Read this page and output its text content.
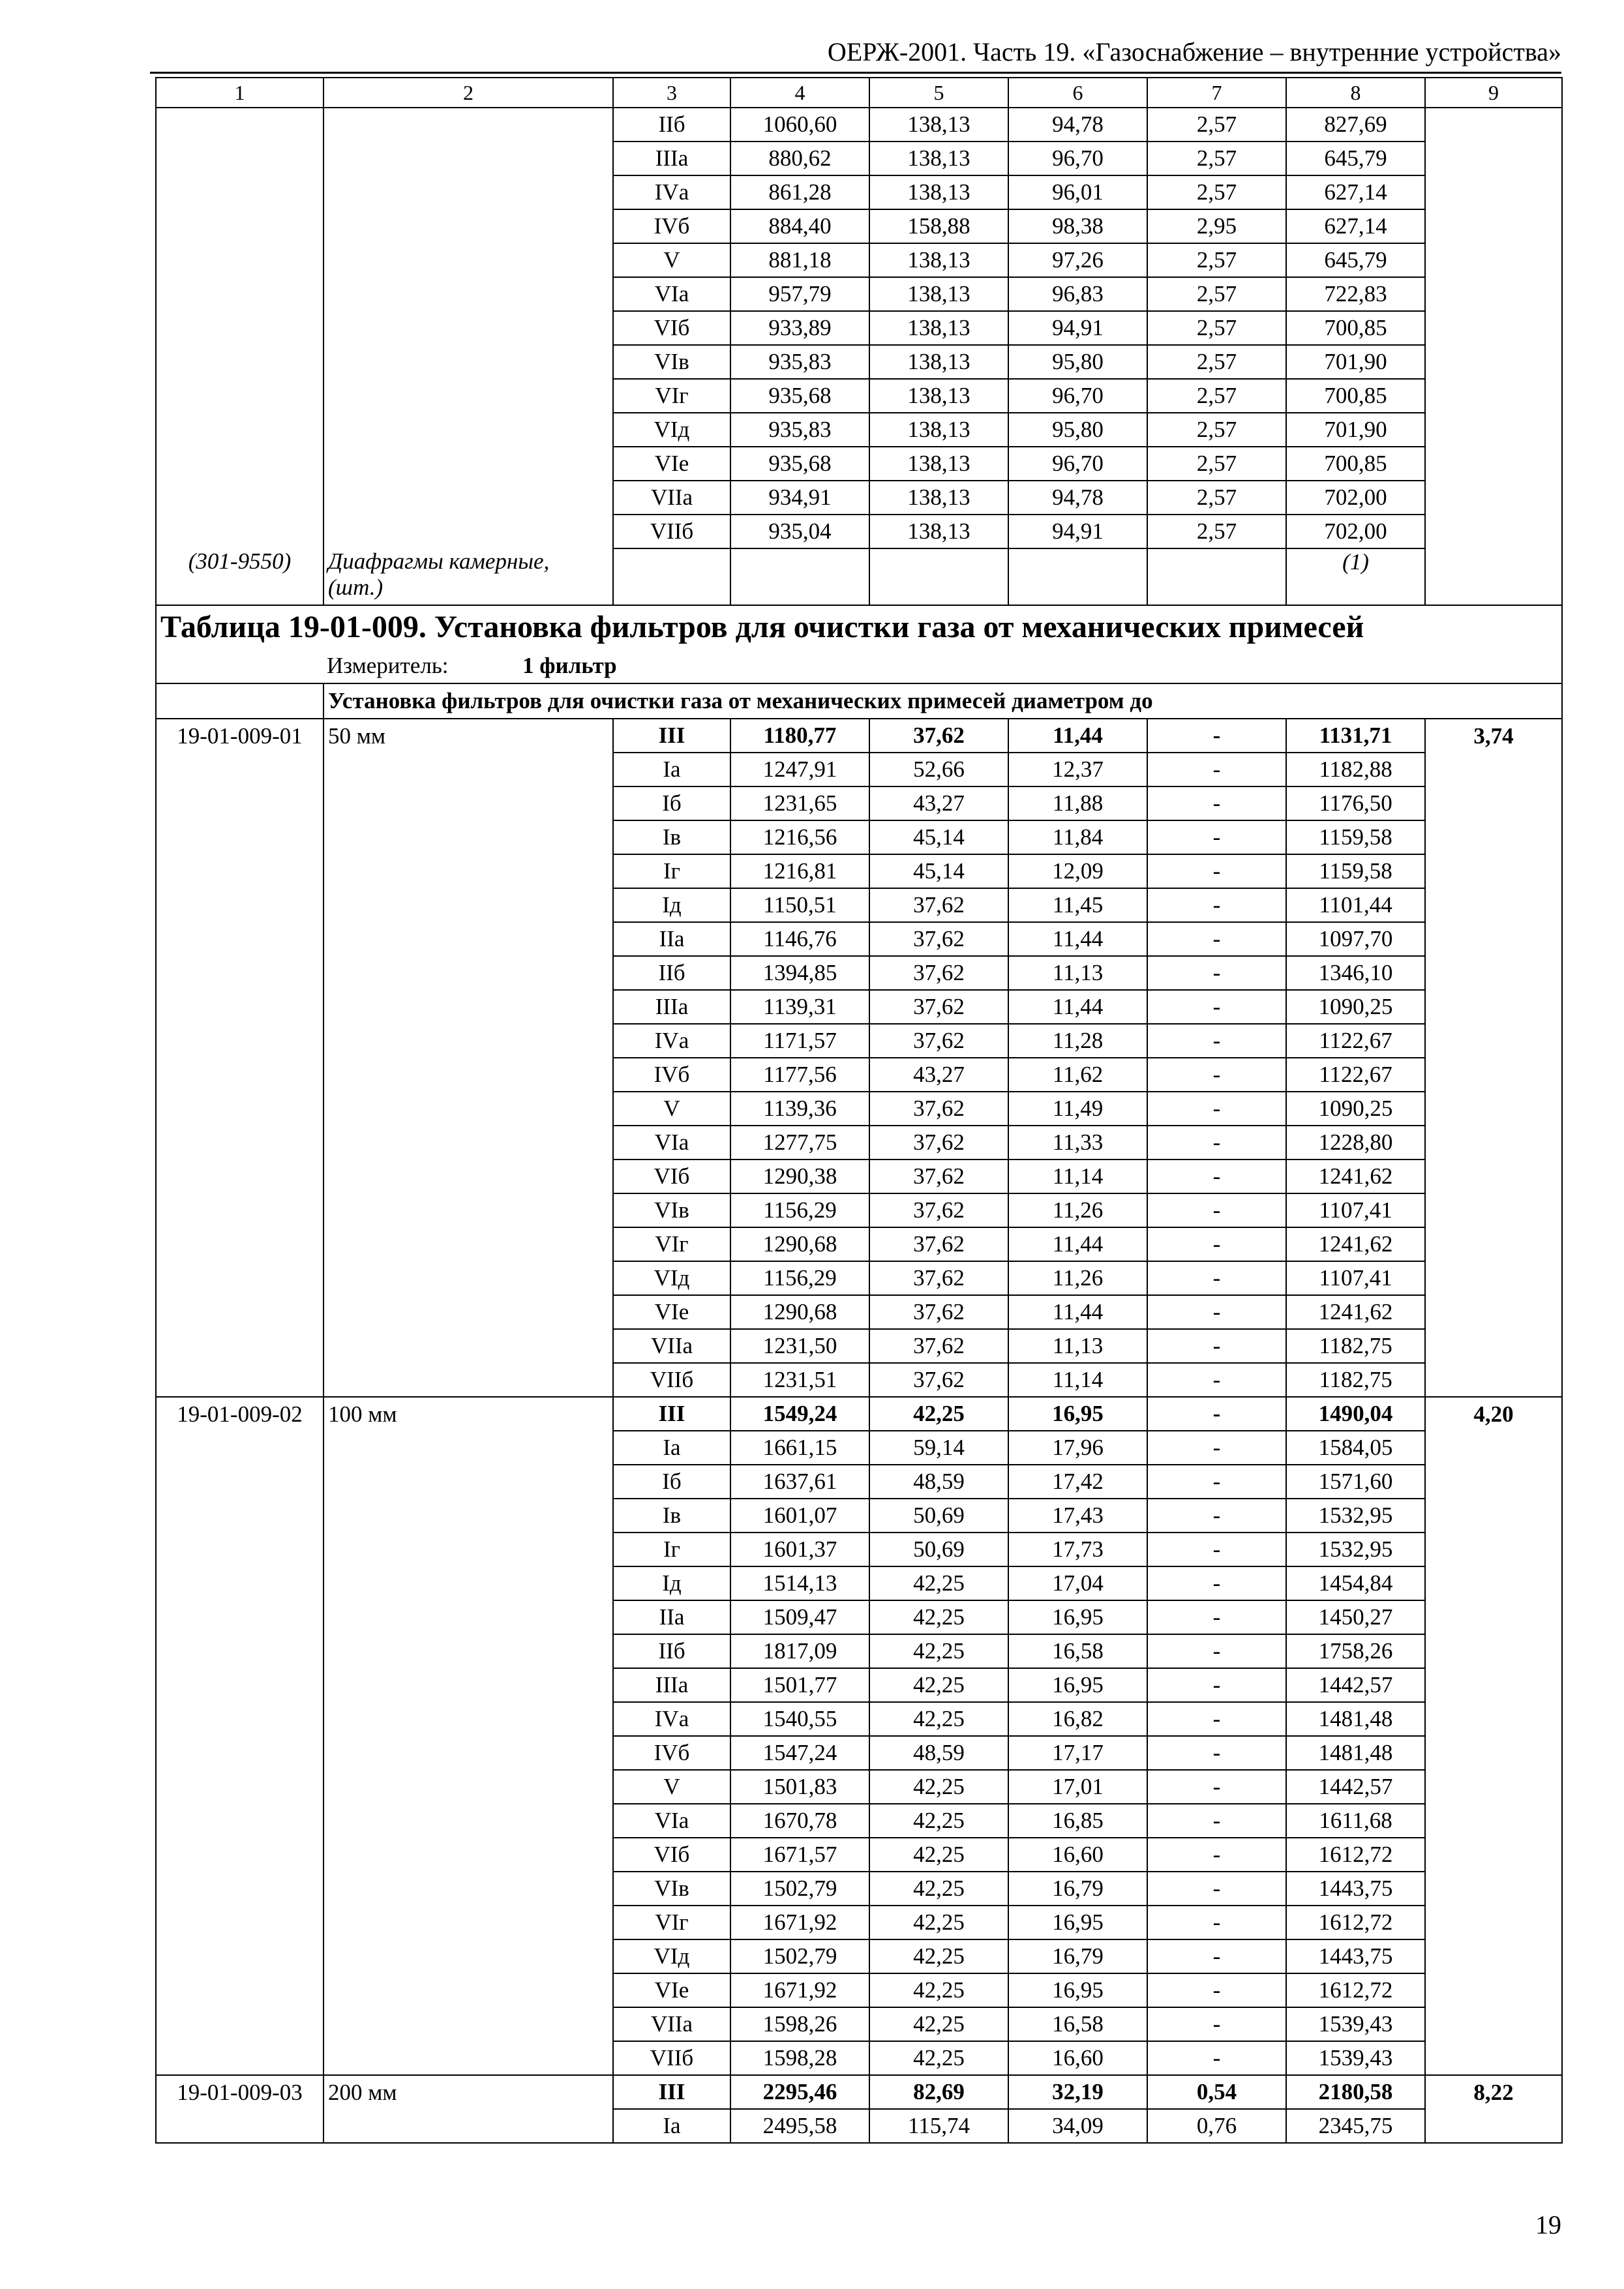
ОЕРЖ-2001. Часть 19. «Газоснабжение – внутренние устройства»
1	2	3	4	5	6	7	8	9
		IIб	1060,60	138,13	94,78	2,57	827,69	
		IIIа	880,62	138,13	96,70	2,57	645,79	
		IVа	861,28	138,13	96,01	2,57	627,14	
		IVб	884,40	158,88	98,38	2,95	627,14	
		V	881,18	138,13	97,26	2,57	645,79	
		VIа	957,79	138,13	96,83	2,57	722,83	
		VIб	933,89	138,13	94,91	2,57	700,85	
		VIв	935,83	138,13	95,80	2,57	701,90	
		VIг	935,68	138,13	96,70	2,57	700,85	
		VIд	935,83	138,13	95,80	2,57	701,90	
		VIе	935,68	138,13	96,70	2,57	700,85	
		VIIа	934,91	138,13	94,78	2,57	702,00	
		VIIб	935,04	138,13	94,91	2,57	702,00	
(301-9550)	Диафрагмы камерные, (шт.)						(1)	
Таблица 19-01-009. Установка фильтров для очистки газа от механических примесей								
Измеритель: 1 фильтр								
	Установка фильтров для очистки газа от механических примесей диаметром до							
19-01-009-01	50 мм	III	1180,77	37,62	11,44	-	1131,71	3,74
		Iа	1247,91	52,66	12,37	-	1182,88	
		Iб	1231,65	43,27	11,88	-	1176,50	
		Iв	1216,56	45,14	11,84	-	1159,58	
		Iг	1216,81	45,14	12,09	-	1159,58	
		Iд	1150,51	37,62	11,45	-	1101,44	
		IIа	1146,76	37,62	11,44	-	1097,70	
		IIб	1394,85	37,62	11,13	-	1346,10	
		IIIа	1139,31	37,62	11,44	-	1090,25	
		IVа	1171,57	37,62	11,28	-	1122,67	
		IVб	1177,56	43,27	11,62	-	1122,67	
		V	1139,36	37,62	11,49	-	1090,25	
		VIа	1277,75	37,62	11,33	-	1228,80	
		VIб	1290,38	37,62	11,14	-	1241,62	
		VIв	1156,29	37,62	11,26	-	1107,41	
		VIг	1290,68	37,62	11,44	-	1241,62	
		VIд	1156,29	37,62	11,26	-	1107,41	
		VIе	1290,68	37,62	11,44	-	1241,62	
		VIIа	1231,50	37,62	11,13	-	1182,75	
		VIIб	1231,51	37,62	11,14	-	1182,75	
19-01-009-02	100 мм	III	1549,24	42,25	16,95	-	1490,04	4,20
		Iа	1661,15	59,14	17,96	-	1584,05	
		Iб	1637,61	48,59	17,42	-	1571,60	
		Iв	1601,07	50,69	17,43	-	1532,95	
		Iг	1601,37	50,69	17,73	-	1532,95	
		Iд	1514,13	42,25	17,04	-	1454,84	
		IIа	1509,47	42,25	16,95	-	1450,27	
		IIб	1817,09	42,25	16,58	-	1758,26	
		IIIа	1501,77	42,25	16,95	-	1442,57	
		IVа	1540,55	42,25	16,82	-	1481,48	
		IVб	1547,24	48,59	17,17	-	1481,48	
		V	1501,83	42,25	17,01	-	1442,57	
		VIа	1670,78	42,25	16,85	-	1611,68	
		VIб	1671,57	42,25	16,60	-	1612,72	
		VIв	1502,79	42,25	16,79	-	1443,75	
		VIг	1671,92	42,25	16,95	-	1612,72	
		VIд	1502,79	42,25	16,79	-	1443,75	
		VIе	1671,92	42,25	16,95	-	1612,72	
		VIIа	1598,26	42,25	16,58	-	1539,43	
		VIIб	1598,28	42,25	16,60	-	1539,43	
19-01-009-03	200 мм	III	2295,46	82,69	32,19	0,54	2180,58	8,22
		Iа	2495,58	115,74	34,09	0,76	2345,75	
19
